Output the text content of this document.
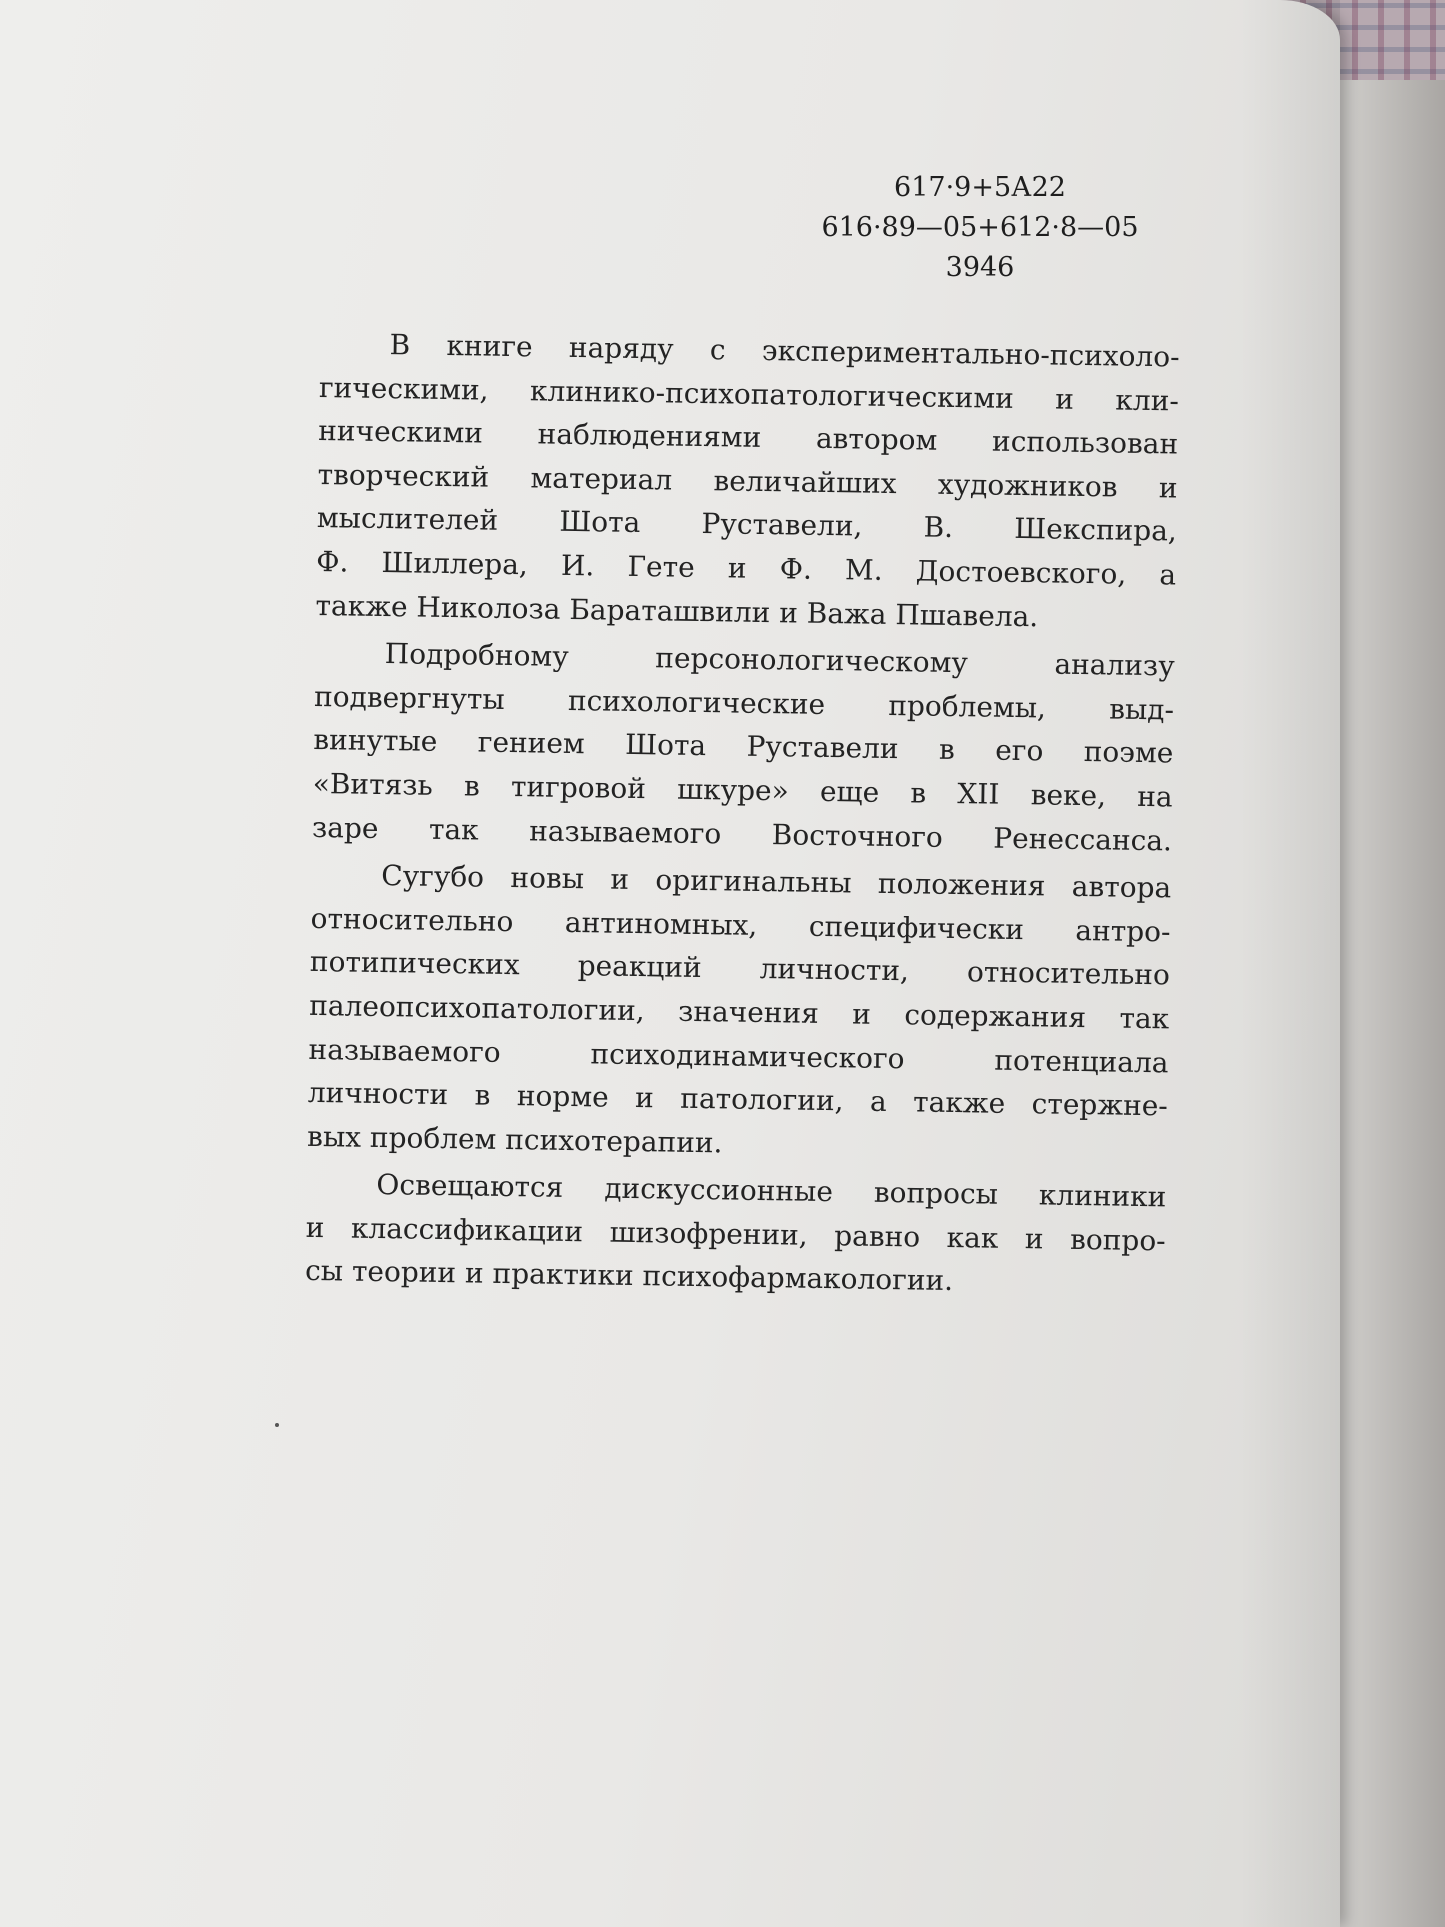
617·9+5А22
616·89—05+612·8—05
3946

В книге наряду с экспериментально-психоло-
гическими, клинико-психопатологическими и кли-
ническими наблюдениями автором использован
творческий материал величайших художников и
мыслителей Шота Руставели, В. Шекспира,
Ф. Шиллера, И. Гете и Ф. М. Достоевского, а
также Николоза Бараташвили и Важа Пшавела.

Подробному персонологическому анализу
подвергнуты психологические проблемы, выд-
винутые гением Шота Руставели в его поэме
«Витязь в тигровой шкуре» еще в XII веке, на
заре так называемого Восточного Ренессанса.

Сугубо новы и оригинальны положения автора
относительно антиномных, специфически антро-
потипических реакций личности, относительно
палеопсихопатологии, значения и содержания так
называемого психодинамического потенциала
личности в норме и патологии, а также стержне-
вых проблем психотерапии.

Освещаются дискуссионные вопросы клиники
и классификации шизофрении, равно как и вопро-
сы теории и практики психофармакологии.
